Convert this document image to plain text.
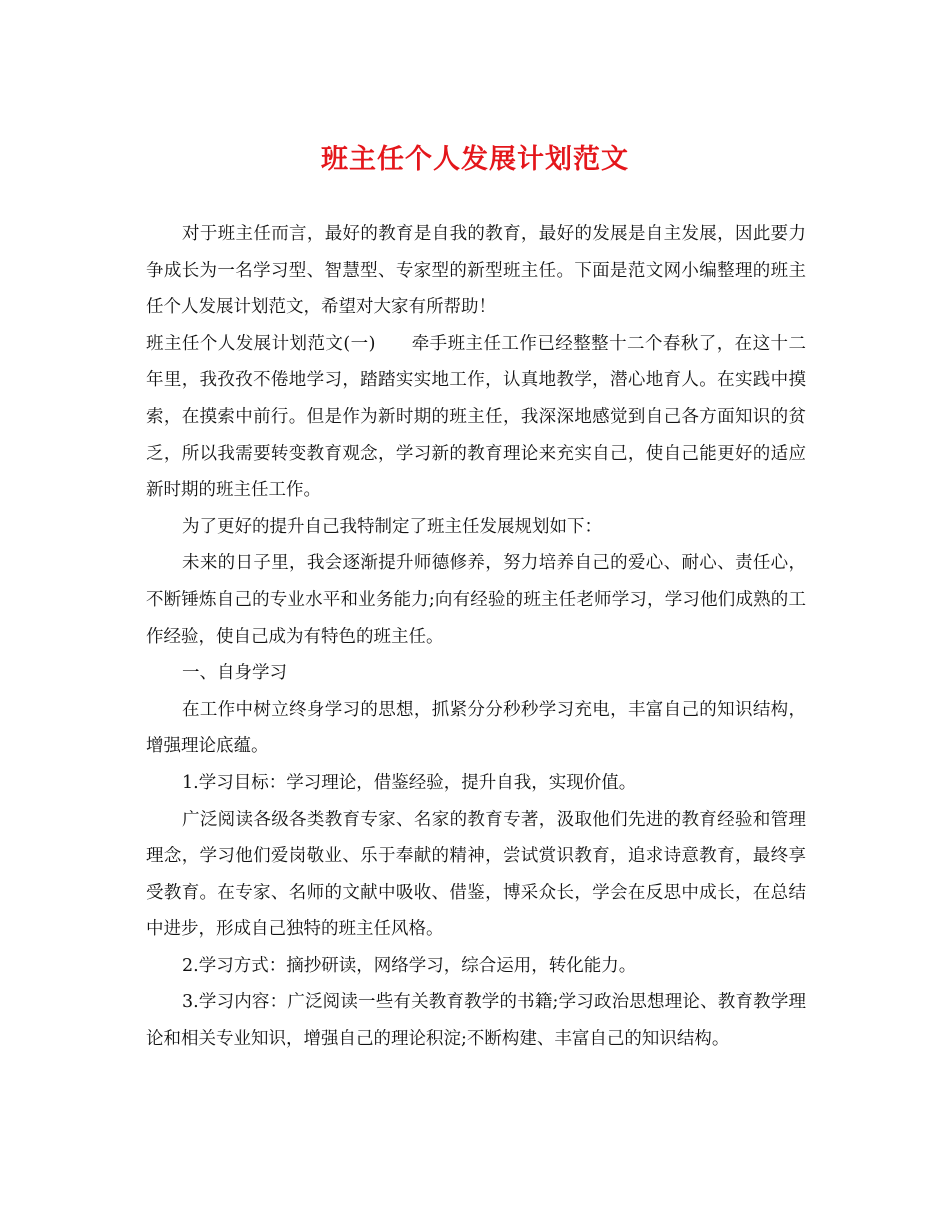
班主任个人发展计划范文

对于班主任而言，最好的教育是自我的教育，最好的发展是自主发展，因此要力争成长为一名学习型、智慧型、专家型的新型班主任。下面是范文网小编整理的班主任个人发展计划范文，希望对大家有所帮助！

班主任个人发展计划范文(一)　　牵手班主任工作已经整整十二个春秋了，在这十二年里，我孜孜不倦地学习，踏踏实实地工作，认真地教学，潜心地育人。在实践中摸索，在摸索中前行。但是作为新时期的班主任，我深深地感觉到自己各方面知识的贫乏，所以我需要转变教育观念，学习新的教育理论来充实自己，使自己能更好的适应新时期的班主任工作。

为了更好的提升自己我特制定了班主任发展规划如下：

未来的日子里，我会逐渐提升师德修养，努力培养自己的爱心、耐心、责任心，不断锤炼自己的专业水平和业务能力;向有经验的班主任老师学习，学习他们成熟的工作经验，使自己成为有特色的班主任。

一、自身学习

在工作中树立终身学习的思想，抓紧分分秒秒学习充电，丰富自己的知识结构，增强理论底蕴。

1.学习目标：学习理论，借鉴经验，提升自我，实现价值。

广泛阅读各级各类教育专家、名家的教育专著，汲取他们先进的教育经验和管理理念，学习他们爱岗敬业、乐于奉献的精神，尝试赏识教育，追求诗意教育，最终享受教育。在专家、名师的文献中吸收、借鉴，博采众长，学会在反思中成长，在总结中进步，形成自己独特的班主任风格。

2.学习方式：摘抄研读，网络学习，综合运用，转化能力。

3.学习内容：广泛阅读一些有关教育教学的书籍;学习政治思想理论、教育教学理论和相关专业知识，增强自己的理论积淀;不断构建、丰富自己的知识结构。
